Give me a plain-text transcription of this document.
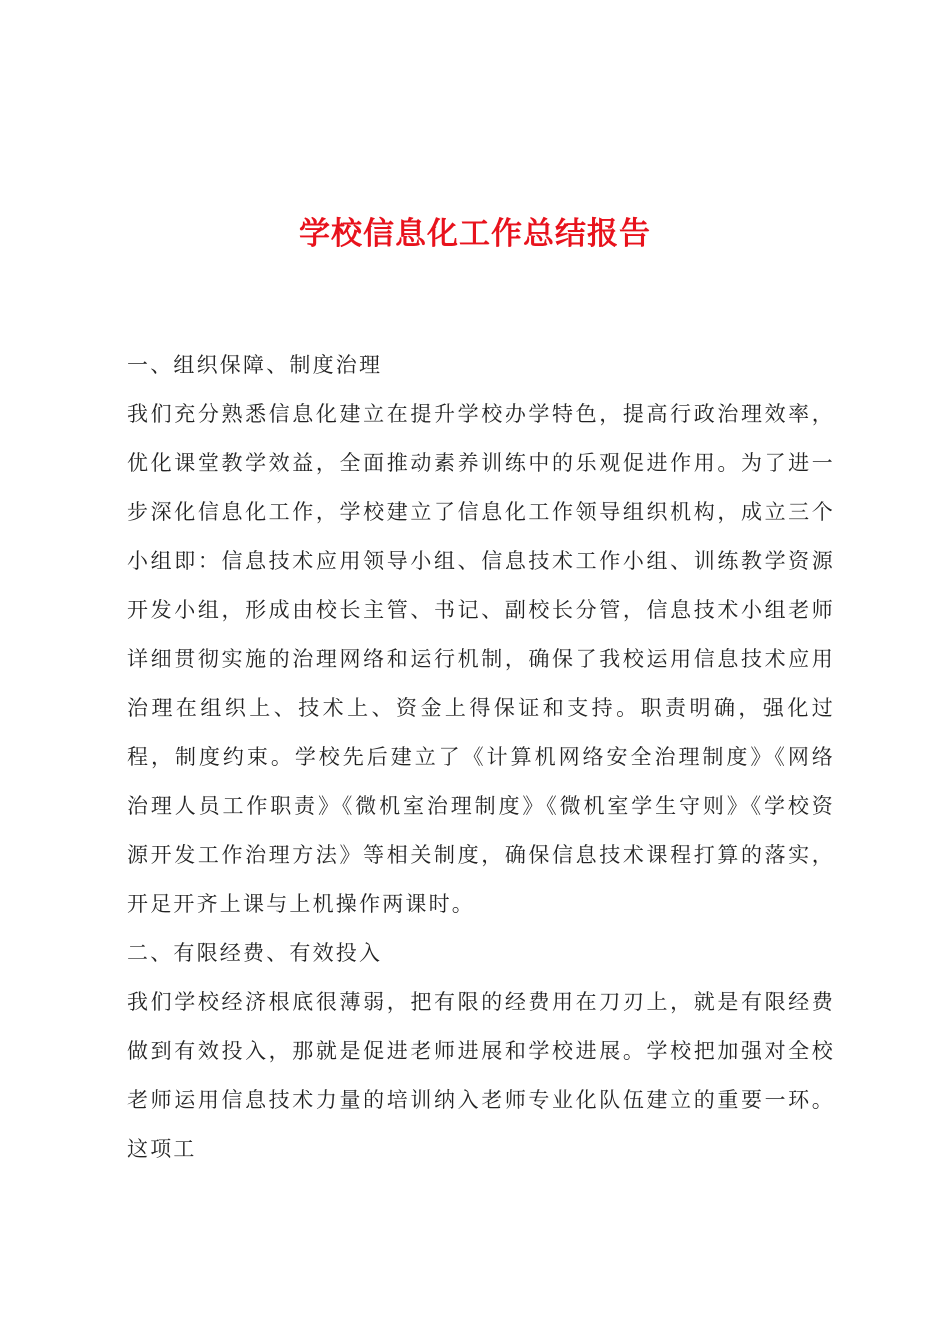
学校信息化工作总结报告

一、组织保障、制度治理

我们充分熟悉信息化建立在提升学校办学特色，提高行政治理效率，优化课堂教学效益，全面推动素养训练中的乐观促进作用。为了进一步深化信息化工作，学校建立了信息化工作领导组织机构，成立三个小组即：信息技术应用领导小组、信息技术工作小组、训练教学资源开发小组，形成由校长主管、书记、副校长分管，信息技术小组老师详细贯彻实施的治理网络和运行机制，确保了我校运用信息技术应用治理在组织上、技术上、资金上得保证和支持。职责明确，强化过程，制度约束。学校先后建立了《计算机网络安全治理制度》《网络治理人员工作职责》《微机室治理制度》《微机室学生守则》《学校资源开发工作治理方法》等相关制度，确保信息技术课程打算的落实，开足开齐上课与上机操作两课时。

二、有限经费、有效投入

我们学校经济根底很薄弱，把有限的经费用在刀刃上，就是有限经费做到有效投入，那就是促进老师进展和学校进展。学校把加强对全校老师运用信息技术力量的培训纳入老师专业化队伍建立的重要一环。这项工
